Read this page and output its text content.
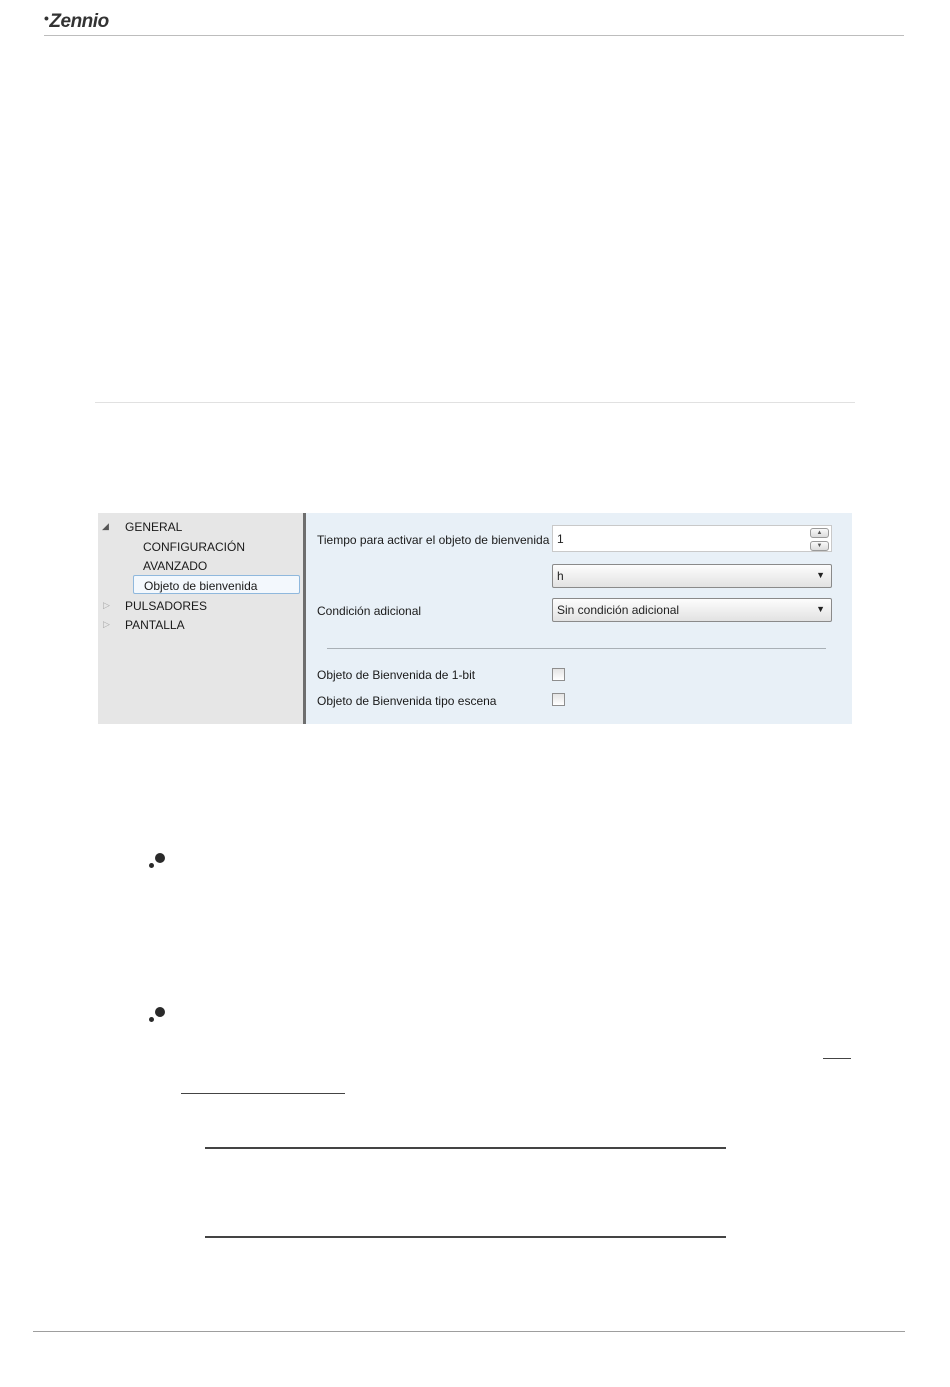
•Zennio
◢ GENERAL
CONFIGURACIÓN
AVANZADO
Objeto de bienvenida
▷ PULSADORES
▷ PANTALLA
Tiempo para activar el objeto de bienvenida 1	▲
▼
h	▼
Condición adicional	Sin condición adicional	▼
Objeto de Bienvenida de 1-bit
Objeto de Bienvenida tipo escena
